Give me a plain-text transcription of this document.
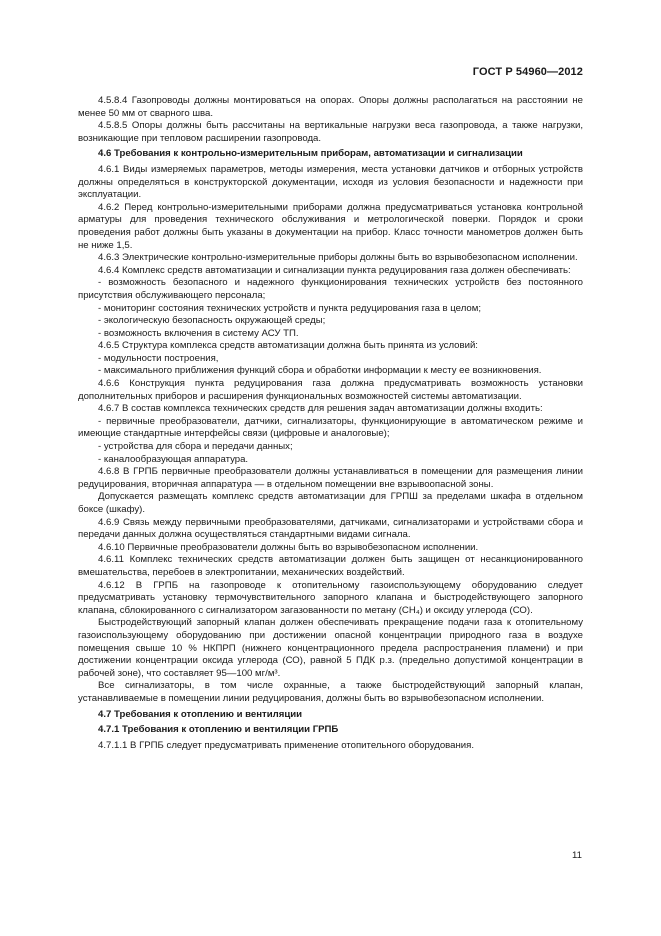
ГОСТ Р 54960—2012

4.5.8.4 Газопроводы должны монтироваться на опорах. Опоры должны располагаться на расстоянии не менее 50 мм от сварного шва.

4.5.8.5 Опоры должны быть рассчитаны на вертикальные нагрузки веса газопровода, а также нагрузки, возникающие при тепловом расширении газопровода.

4.6 Требования к контрольно-измерительным приборам, автоматизации и сигнализации

4.6.1 Виды измеряемых параметров, методы измерения, места установки датчиков и отборных устройств должны определяться в конструкторской документации, исходя из условия безопасности и надежности при эксплуатации.

4.6.2 Перед контрольно-измерительными приборами должна предусматриваться установка контрольной арматуры для проведения технического обслуживания и метрологической поверки. Порядок и сроки проведения работ должны быть указаны в документации на прибор. Класс точности манометров должен быть не ниже 1,5.

4.6.3 Электрические контрольно-измерительные приборы должны быть во взрывобезопасном исполнении.

4.6.4 Комплекс средств автоматизации и сигнализации пункта редуцирования газа должен обеспечивать:

- возможность безопасного и надежного функционирования технических устройств без постоянного присутствия обслуживающего персонала;

- мониторинг состояния технических устройств и пункта редуцирования газа в целом;

- экологическую безопасность окружающей среды;

- возможность включения в систему АСУ ТП.

4.6.5 Структура комплекса средств автоматизации должна быть принята из условий:

- модульности построения,

- максимального приближения функций сбора и обработки информации к месту ее возникновения.

4.6.6 Конструкция пункта редуцирования газа должна предусматривать возможность установки дополнительных приборов и расширения функциональных возможностей системы автоматизации.

4.6.7 В состав комплекса технических средств для решения задач автоматизации должны входить:

- первичные преобразователи, датчики, сигнализаторы, функционирующие в автоматическом режиме и имеющие стандартные интерфейсы связи (цифровые и аналоговые);

- устройства для сбора и передачи данных;

- каналообразующая аппаратура.

4.6.8 В ГРПБ первичные преобразователи должны устанавливаться в помещении для размещения линии редуцирования, вторичная аппаратура — в отдельном помещении вне взрывоопасной зоны.

Допускается размещать комплекс средств автоматизации для ГРПШ за пределами шкафа в отдельном боксе (шкафу).

4.6.9 Связь между первичными преобразователями, датчиками, сигнализаторами и устройствами сбора и передачи данных должна осуществляться стандартными видами сигнала.

4.6.10 Первичные преобразователи должны быть во взрывобезопасном исполнении.

4.6.11 Комплекс технических средств автоматизации должен быть защищен от несанкционированного вмешательства, перебоев в электропитании, механических воздействий.

4.6.12 В ГРПБ на газопроводе к отопительному газоиспользующему оборудованию следует предусматривать установку термочувствительного запорного клапана и быстродействующего запорного клапана, сблокированного с сигнализатором загазованности по метану (СН₄) и оксиду углерода (СО).

Быстродействующий запорный клапан должен обеспечивать прекращение подачи газа к отопительному газоиспользующему оборудованию при достижении опасной концентрации природного газа в воздухе помещения свыше 10 % НКПРП (нижнего концентрационного предела распространения пламени) и при достижении концентрации оксида углерода (СО), равной 5 ПДК р.з. (предельно допустимой концентрации в рабочей зоне), что составляет 95—100 мг/м³.

Все сигнализаторы, в том числе охранные, а также быстродействующий запорный клапан, устанавливаемые в помещении линии редуцирования, должны быть во взрывобезопасном исполнении.

4.7 Требования к отоплению и вентиляции

4.7.1 Требования к отоплению и вентиляции ГРПБ

4.7.1.1 В ГРПБ следует предусматривать применение отопительного оборудования.

11
